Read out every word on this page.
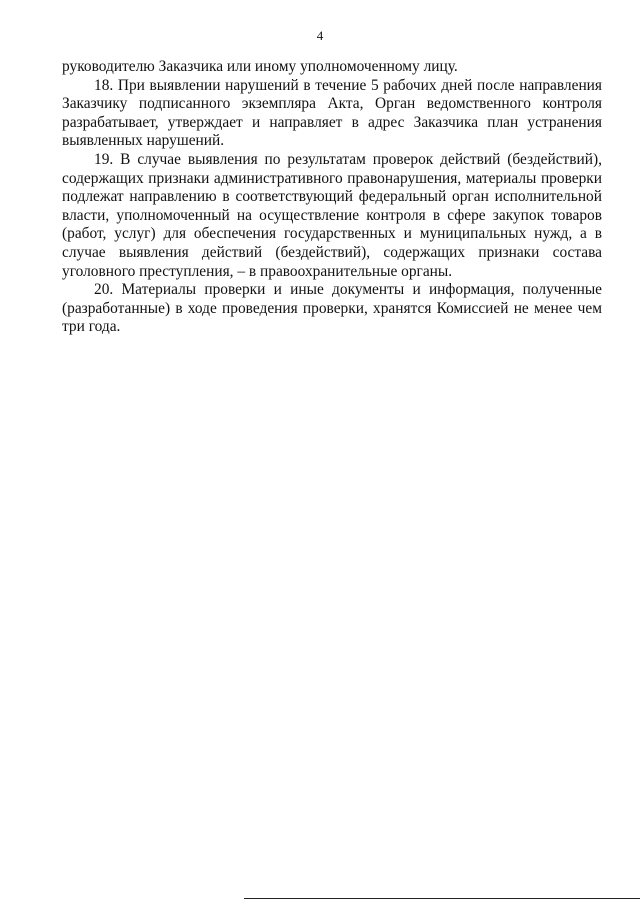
4

руководителю Заказчика или иному уполномоченному лицу.

18. При выявлении нарушений в течение 5 рабочих дней после направления Заказчику подписанного экземпляра Акта, Орган ведомственного контроля разрабатывает, утверждает и направляет в адрес Заказчика план устранения выявленных нарушений.

19. В случае выявления по результатам проверок действий (бездействий), содержащих признаки административного правонарушения, материалы проверки подлежат направлению в соответствующий федеральный орган исполнительной власти, уполномоченный на осуществление контроля в сфере закупок товаров (работ, услуг) для обеспечения государственных и муниципальных нужд, а в случае выявления действий (бездействий), содержащих признаки состава уголовного преступления, – в правоохранительные органы.

20. Материалы проверки и иные документы и информация, полученные (разработанные) в ходе проведения проверки, хранятся Комиссией не менее чем три года.
